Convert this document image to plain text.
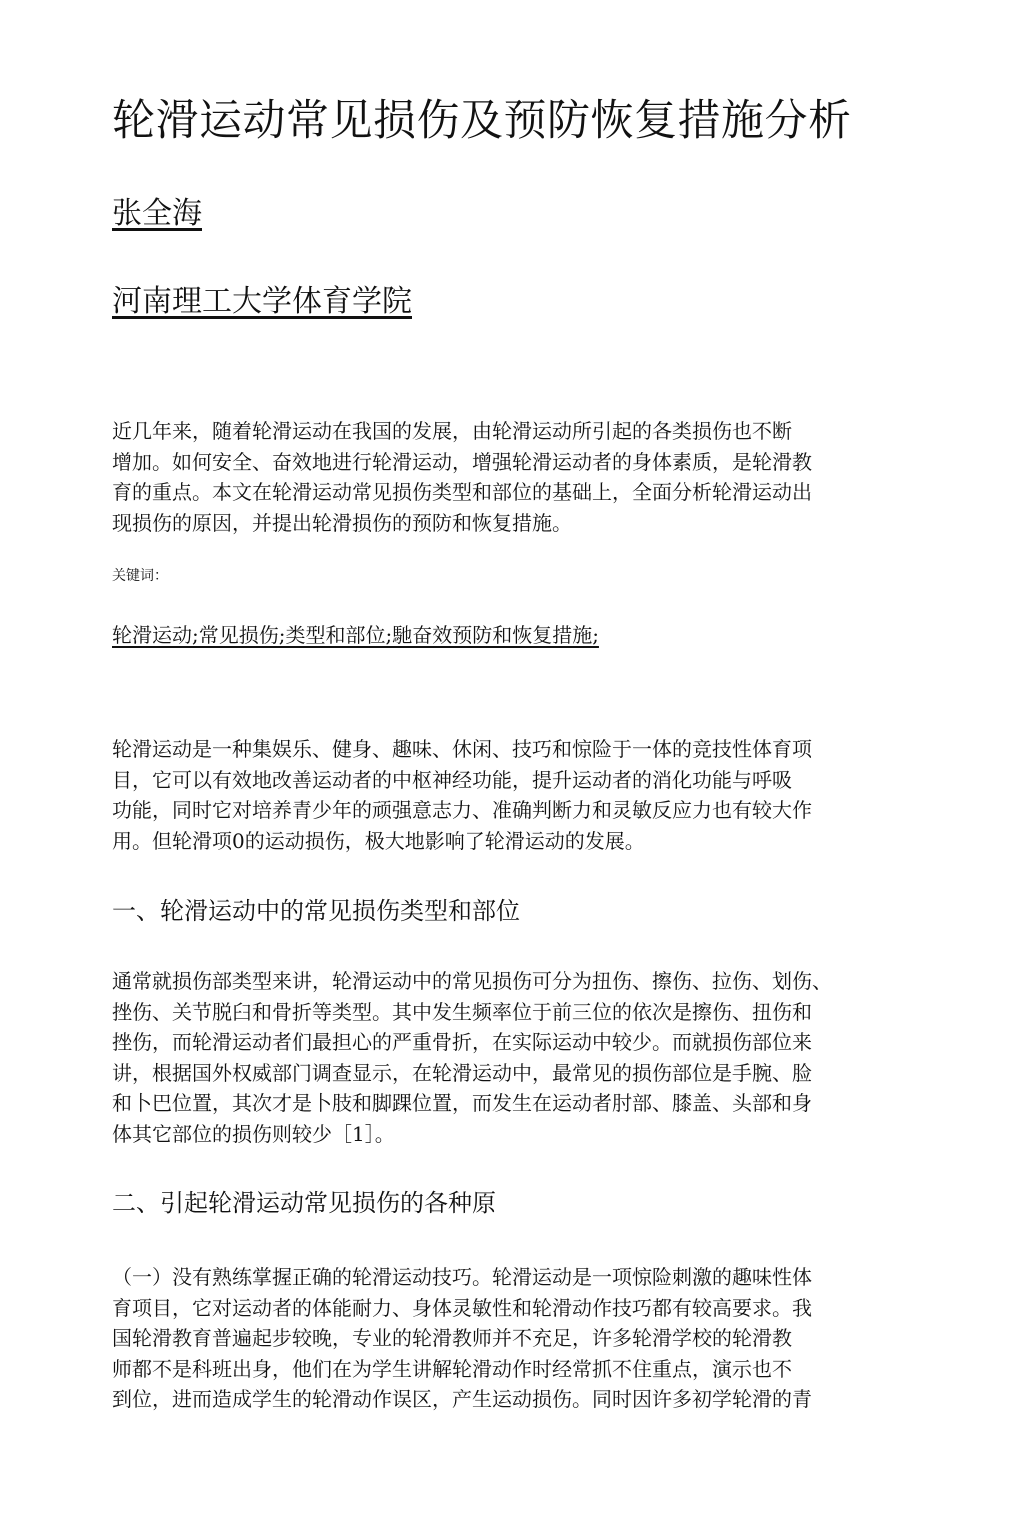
轮滑运动常见损伤及预防恢复措施分析
张全海
河南理工大学体育学院

近几年来，随着轮滑运动在我国的发展，由轮滑运动所引起的各类损伤也不断
增加。如何安全、奋效地进行轮滑运动，增强轮滑运动者的身体素质，是轮滑教
育的重点。本文在轮滑运动常见损伤类型和部位的基础上，全面分析轮滑运动出
现损伤的原因，并提出轮滑损伤的预防和恢复措施。

关键词：
轮滑运动;常见损伤;类型和部位;馳奋效预防和恢复措施;

轮滑运动是一种集娱乐、健身、趣味、休闲、技巧和惊险于一体的竞技性体育项
目，它可以有效地改善运动者的中枢神经功能，提升运动者的消化功能与呼吸
功能，同时它对培养青少年的顽强意志力、准确判断力和灵敏反应力也有较大作
用。但轮滑项0的运动损伤，极大地影响了轮滑运动的发展。

一、轮滑运动中的常见损伤类型和部位

通常就损伤部类型来讲，轮滑运动中的常见损伤可分为扭伤、擦伤、拉伤、划伤、
挫伤、关节脱臼和骨折等类型。其中发生频率位于前三位的依次是擦伤、扭伤和
挫伤，而轮滑运动者们最担心的严重骨折，在实际运动中较少。而就损伤部位来
讲，根据国外权威部门调查显示，在轮滑运动中，最常见的损伤部位是手腕、脸
和卜巴位置，其次才是卜肢和脚踝位置，而发生在运动者肘部、膝盖、头部和身
体其它部位的损伤则较少［1］。

二、引起轮滑运动常见损伤的各种原

（一）没有熟练掌握正确的轮滑运动技巧。轮滑运动是一项惊险刺激的趣味性体
育项目，它对运动者的体能耐力、身体灵敏性和轮滑动作技巧都有较高要求。我
国轮滑教育普遍起步较晚，专业的轮滑教师并不充足，许多轮滑学校的轮滑教
师都不是科班出身，他们在为学生讲解轮滑动作时经常抓不住重点，演示也不
到位，进而造成学生的轮滑动作误区，产生运动损伤。同时因许多初学轮滑的青
